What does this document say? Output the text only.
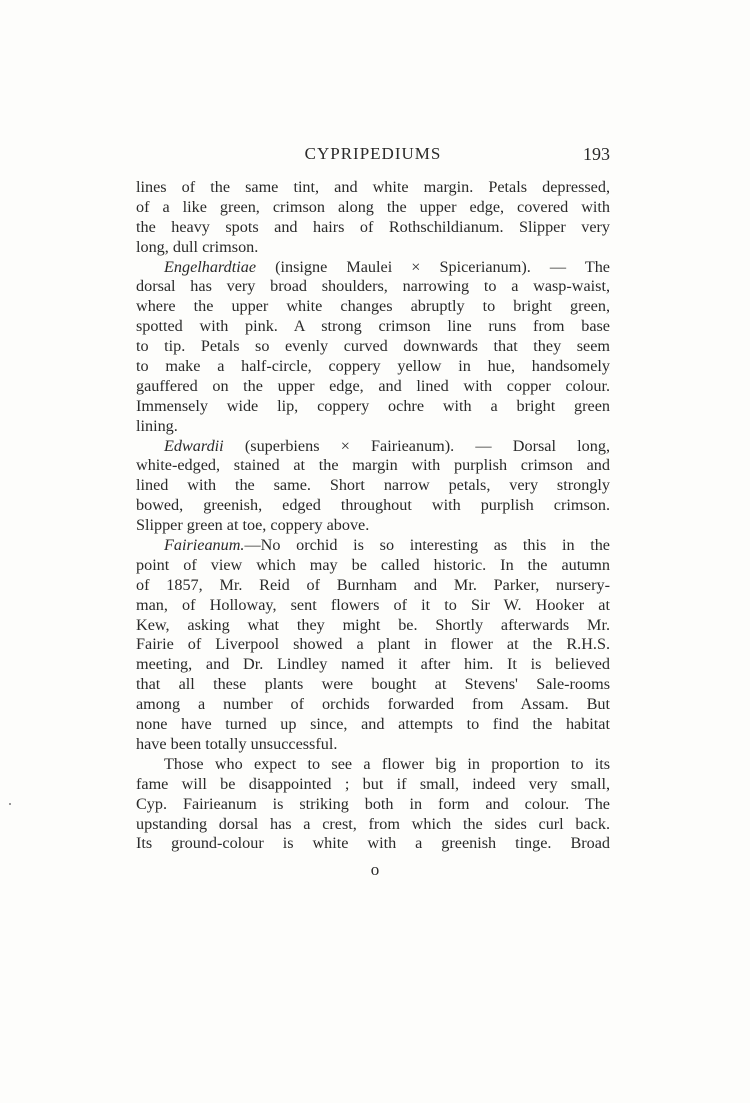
CYPRIPEDIUMS	193
lines of the same tint, and white margin. Petals depressed,
of a like green, crimson along the upper edge, covered with
the heavy spots and hairs of Rothschildianum. Slipper very
long, dull crimson.
Engelhardtiae (insigne Maulei × Spicerianum). — The
dorsal has very broad shoulders, narrowing to a wasp-waist,
where the upper white changes abruptly to bright green,
spotted with pink. A strong crimson line runs from base
to tip. Petals so evenly curved downwards that they seem
to make a half-circle, coppery yellow in hue, handsomely
gauffered on the upper edge, and lined with copper colour.
Immensely wide lip, coppery ochre with a bright green
lining.
Edwardii (superbiens × Fairieanum). — Dorsal long,
white-edged, stained at the margin with purplish crimson and
lined with the same. Short narrow petals, very strongly
bowed, greenish, edged throughout with purplish crimson.
Slipper green at toe, coppery above.
Fairieanum.—No orchid is so interesting as this in the
point of view which may be called historic. In the autumn
of 1857, Mr. Reid of Burnham and Mr. Parker, nursery-
man, of Holloway, sent flowers of it to Sir W. Hooker at
Kew, asking what they might be. Shortly afterwards Mr.
Fairie of Liverpool showed a plant in flower at the R.H.S.
meeting, and Dr. Lindley named it after him. It is believed
that all these plants were bought at Stevens' Sale-rooms
among a number of orchids forwarded from Assam. But
none have turned up since, and attempts to find the habitat
have been totally unsuccessful.
Those who expect to see a flower big in proportion to its
fame will be disappointed ; but if small, indeed very small,
Cyp. Fairieanum is striking both in form and colour. The
upstanding dorsal has a crest, from which the sides curl back.
Its ground-colour is white with a greenish tinge. Broad
o
